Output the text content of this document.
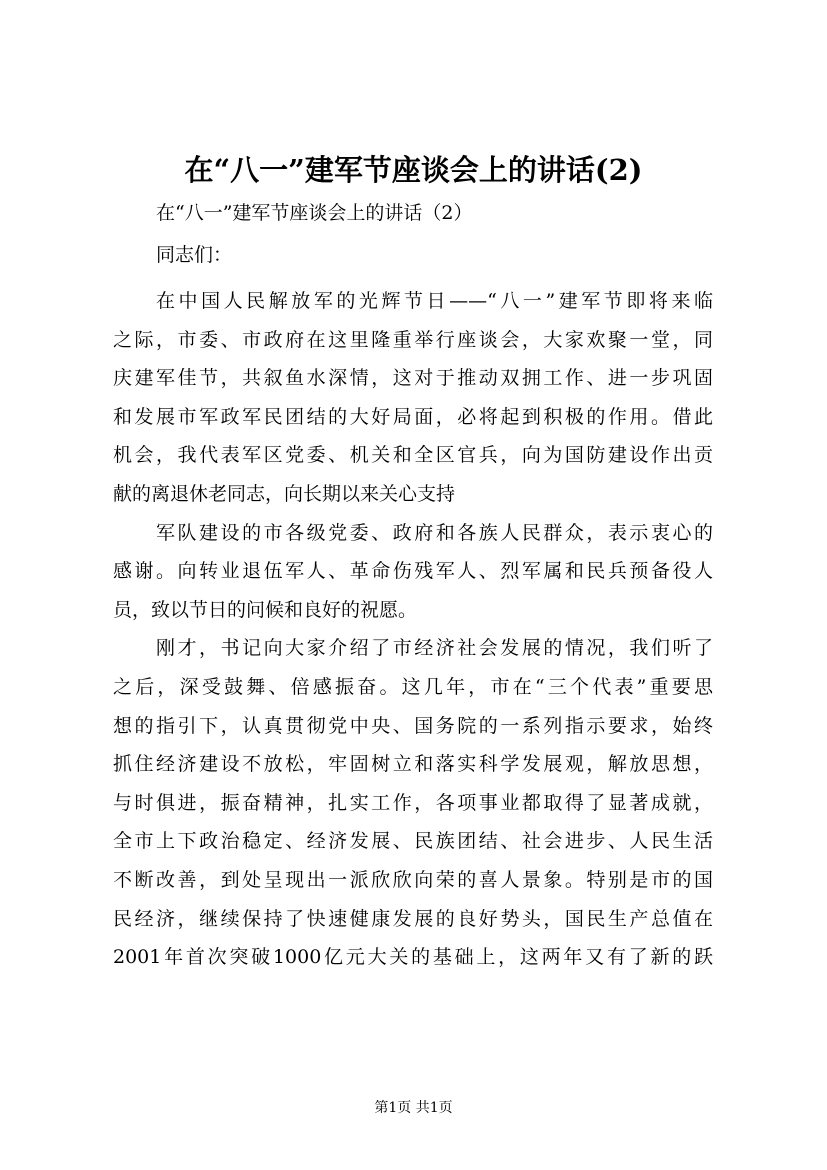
在“八一”建军节座谈会上的讲话(2)
在“八一”建军节座谈会上的讲话（2）
同志们：
在中国人民解放军的光辉节日——“八一”建军节即将来临
之际，市委、市政府在这里隆重举行座谈会，大家欢聚一堂，同
庆建军佳节，共叙鱼水深情，这对于推动双拥工作、进一步巩固
和发展市军政军民团结的大好局面，必将起到积极的作用。借此
机会，我代表军区党委、机关和全区官兵，向为国防建设作出贡
献的离退休老同志，向长期以来关心支持
军队建设的市各级党委、政府和各族人民群众，表示衷心的
感谢。向转业退伍军人、革命伤残军人、烈军属和民兵预备役人
员，致以节日的问候和良好的祝愿。
刚才，书记向大家介绍了市经济社会发展的情况，我们听了
之后，深受鼓舞、倍感振奋。这几年，市在“三个代表”重要思
想的指引下，认真贯彻党中央、国务院的一系列指示要求，始终
抓住经济建设不放松，牢固树立和落实科学发展观，解放思想，
与时俱进，振奋精神，扎实工作，各项事业都取得了显著成就，
全市上下政治稳定、经济发展、民族团结、社会进步、人民生活
不断改善，到处呈现出一派欣欣向荣的喜人景象。特别是市的国
民经济，继续保持了快速健康发展的良好势头，国民生产总值在
2001年首次突破1000亿元大关的基础上，这两年又有了新的跃
第1页 共1页
